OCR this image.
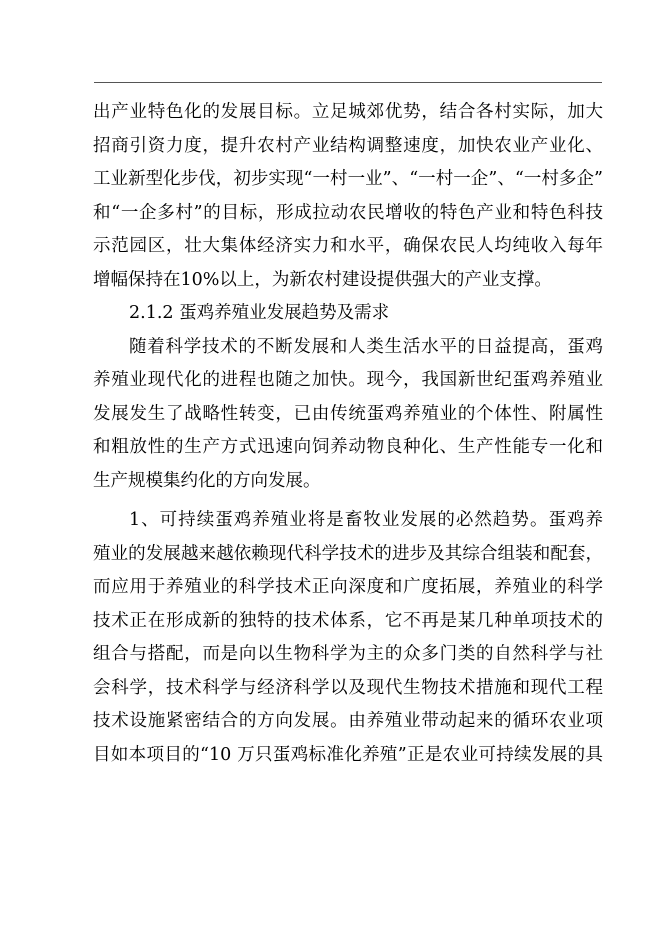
出产业特色化的发展目标。立足城郊优势，结合各村实际，加大
招商引资力度，提升农村产业结构调整速度，加快农业产业化、
工业新型化步伐，初步实现“一村一业”、“一村一企”、“一村多企”
和“一企多村”的目标，形成拉动农民增收的特色产业和特色科技
示范园区，壮大集体经济实力和水平，确保农民人均纯收入每年
增幅保持在10%以上，为新农村建设提供强大的产业支撑。
2.1.2 蛋鸡养殖业发展趋势及需求
随着科学技术的不断发展和人类生活水平的日益提高，蛋鸡
养殖业现代化的进程也随之加快。现今，我国新世纪蛋鸡养殖业
发展发生了战略性转变，已由传统蛋鸡养殖业的个体性、附属性
和粗放性的生产方式迅速向饲养动物良种化、生产性能专一化和
生产规模集约化的方向发展。
1、可持续蛋鸡养殖业将是畜牧业发展的必然趋势。蛋鸡养
殖业的发展越来越依赖现代科学技术的进步及其综合组装和配套，
而应用于养殖业的科学技术正向深度和广度拓展，养殖业的科学
技术正在形成新的独特的技术体系，它不再是某几种单项技术的
组合与搭配，而是向以生物科学为主的众多门类的自然科学与社
会科学，技术科学与经济科学以及现代生物技术措施和现代工程
技术设施紧密结合的方向发展。由养殖业带动起来的循环农业项
目如本项目的“10 万只蛋鸡标准化养殖”正是农业可持续发展的具
